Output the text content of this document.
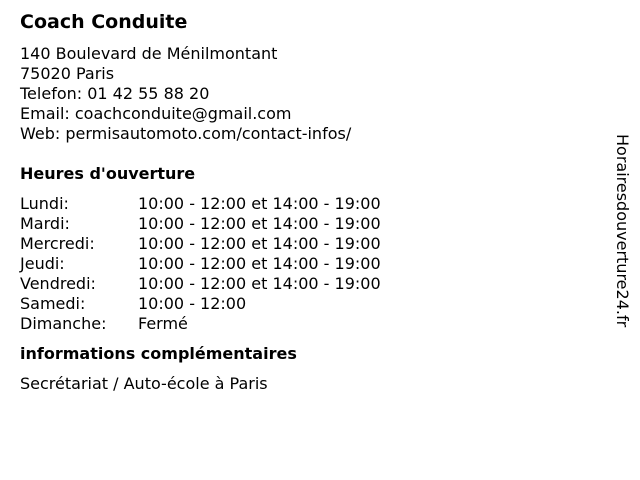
Coach Conduite
140 Boulevard de Ménilmontant
75020 Paris
Telefon: 01 42 55 88 20
Email: coachconduite@gmail.com
Web: permisautomoto.com/contact-infos/
Heures d'ouverture
Lundi:	10:00 - 12:00 et 14:00 - 19:00
Mardi:	10:00 - 12:00 et 14:00 - 19:00
Mercredi:	10:00 - 12:00 et 14:00 - 19:00
Jeudi:	10:00 - 12:00 et 14:00 - 19:00
Vendredi:	10:00 - 12:00 et 14:00 - 19:00
Samedi:	10:00 - 12:00
Dimanche:	Fermé
informations complémentaires
Secrétariat / Auto-école à Paris
Horairesdouverture24.fr
